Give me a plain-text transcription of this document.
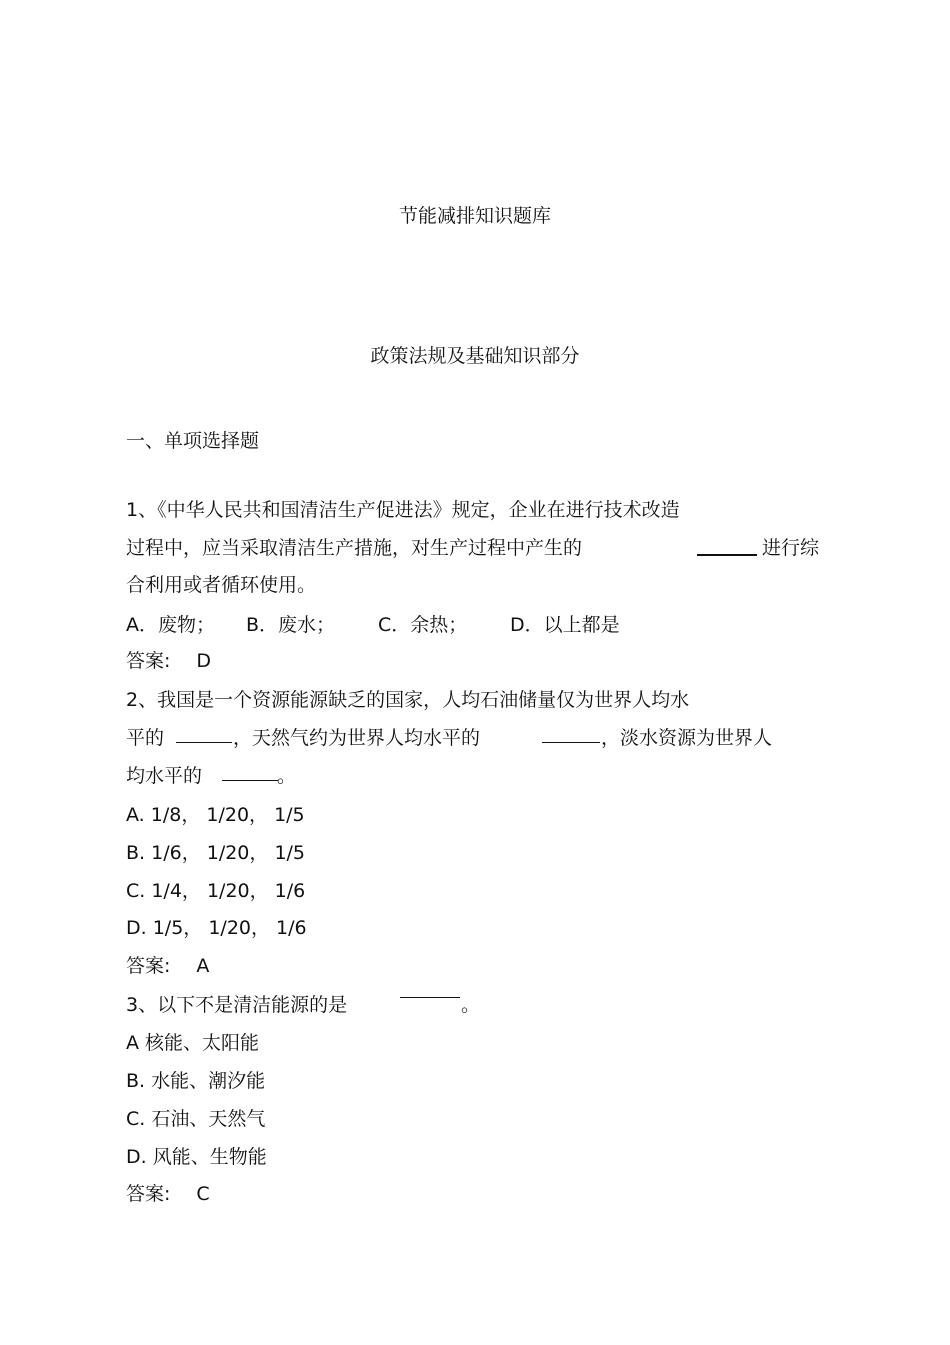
节能减排知识题库

政策法规及基础知识部分

一、单项选择题

1、《中华人民共和国清洁生产促进法》规定，企业在进行技术改造

过程中，应当采取清洁生产措施，对生产过程中产生的	进行综

合利用或者循环使用。

A．废物； B．废水； C．余热； D．以上都是

答案: D

2、我国是一个资源能源缺乏的国家，人均石油储量仅为世界人均水

平的	，天然气约为世界人均水平的	，淡水资源为世界人

均水平的	。

A. 1/8， 1/20， 1/5

B. 1/6， 1/20， 1/5

C. 1/4， 1/20， 1/6

D. 1/5， 1/20， 1/6

答案: A

3、以下不是清洁能源的是	。

A 核能、太阳能

B. 水能、潮汐能

C. 石油、天然气

D. 风能、生物能

答案: C
